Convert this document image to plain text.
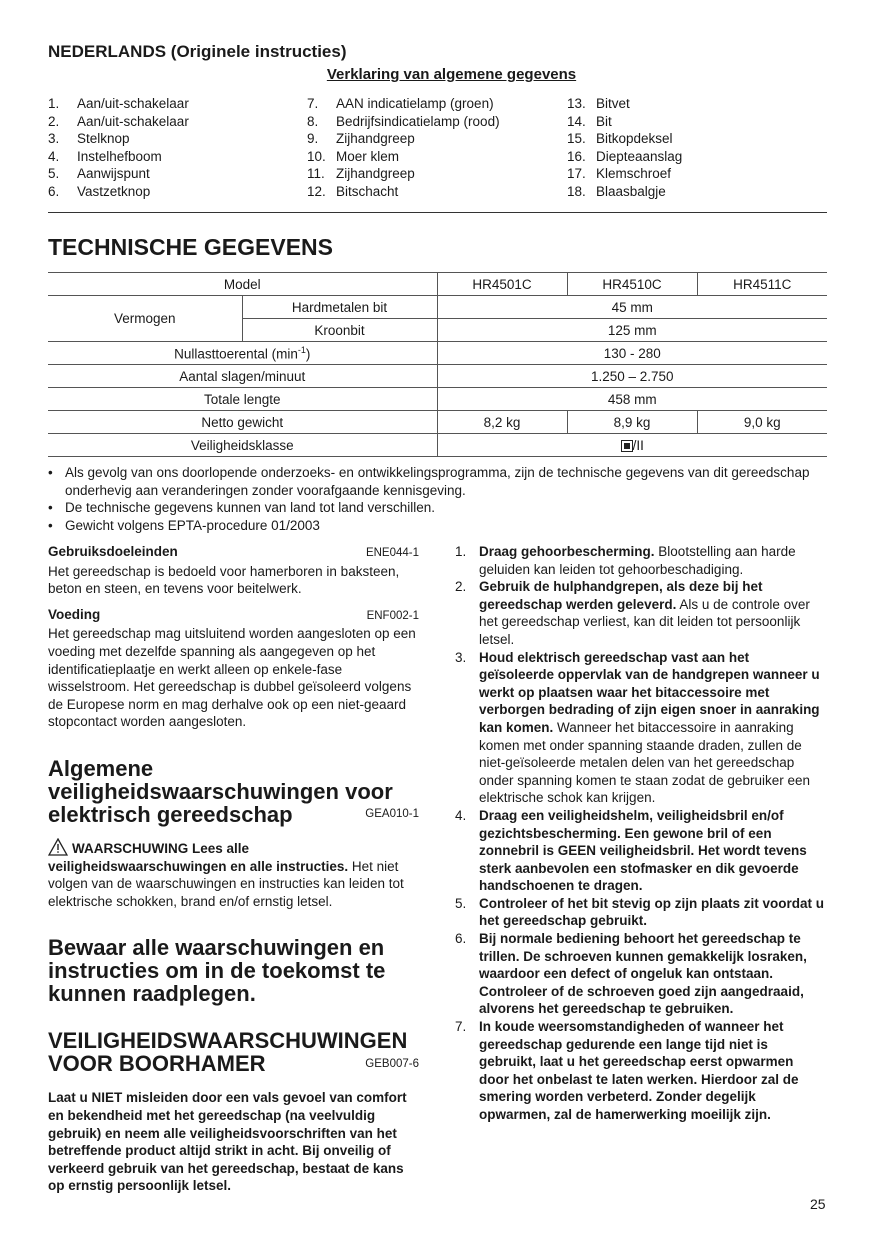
NEDERLANDS (Originele instructies)
Verklaring van algemene gegevens
1.	Aan/uit-schakelaar
2.	Aan/uit-schakelaar
3.	Stelknop
4.	Instelhefboom
5.	Aanwijspunt
6.	Vastzetknop
7.	AAN indicatielamp (groen)
8.	Bedrijfsindicatielamp (rood)
9.	Zijhandgreep
10. Moer klem
11. Zijhandgreep
12. Bitschacht
13. Bitvet
14. Bit
15. Bitkopdeksel
16. Diepteaanslag
17. Klemschroef
18. Blaasbalgje
TECHNISCHE GEGEVENS
Model		HR4501C	HR4510C	HR4511C
Vermogen	Hardmetalen bit	45 mm		
	Kroonbit	125 mm		
Nullasttoerental $(\min^{-1})$		130 - 280		
Aantal slagen/minuut		1.250 – 2.750		
Totale lengte		458 mm		
Netto gewicht		8,2 kg	8,9 kg	9,0 kg
Veiligheidsklasse		/II		
• Als gevolg van ons doorlopende onderzoeks- en ontwikkelingsprogramma, zijn de technische gegevens van dit gereedschap onderhevig aan veranderingen zonder voorafgaande kennisgeving.
• De technische gegevens kunnen van land tot land verschillen.
• Gewicht volgens EPTA-procedure 01/2003
Gebruiksdoeleinden	ENE044-1
Het gereedschap is bedoeld voor hamerboren in baksteen, beton en steen, en tevens voor beitelwerk.
Voeding	ENF002-1
Het gereedschap mag uitsluitend worden aangesloten op een voeding met dezelfde spanning als aangegeven op het identificatieplaatje en werkt alleen op enkele-fase wisselstroom. Het gereedschap is dubbel geïsoleerd volgens de Europese norm en mag derhalve ook op een niet-geaard stopcontact worden aangesloten.
Algemene veiligheidswaarschuwingen voor elektrisch gereedschap	GEA010-1
WAARSCHUWING Lees alle veiligheidswaarschuwingen en alle instructies. Het niet volgen van de waarschuwingen en instructies kan leiden tot elektrische schokken, brand en/of ernstig letsel.
Bewaar alle waarschuwingen en instructies om in de toekomst te kunnen raadplegen.
VEILIGHEIDSWAARSCHUWINGEN VOOR BOORHAMER	GEB007-6
Laat u NIET misleiden door een vals gevoel van comfort en bekendheid met het gereedschap (na veelvuldig gebruik) en neem alle veiligheidsvoorschriften van het betreffende product altijd strikt in acht. Bij onveilig of verkeerd gebruik van het gereedschap, bestaat de kans op ernstig persoonlijk letsel.
1. Draag gehoorbescherming. Blootstelling aan harde geluiden kan leiden tot gehoorbeschadiging.
2. Gebruik de hulphandgrepen, als deze bij het gereedschap werden geleverd. Als u de controle over het gereedschap verliest, kan dit leiden tot persoonlijk letsel.
3. Houd elektrisch gereedschap vast aan het geïsoleerde oppervlak van de handgrepen wanneer u werkt op plaatsen waar het bitaccessoire met verborgen bedrading of zijn eigen snoer in aanraking kan komen. Wanneer het bitaccessoire in aanraking komen met onder spanning staande draden, zullen de niet-geïsoleerde metalen delen van het gereedschap onder spanning komen te staan zodat de gebruiker een elektrische schok kan krijgen.
4. Draag een veiligheidshelm, veiligheidsbril en/of gezichtsbescherming. Een gewone bril of een zonnebril is GEEN veiligheidsbril. Het wordt tevens sterk aanbevolen een stofmasker en dik gevoerde handschoenen te dragen.
5. Controleer of het bit stevig op zijn plaats zit voordat u het gereedschap gebruikt.
6. Bij normale bediening behoort het gereedschap te trillen. De schroeven kunnen gemakkelijk losraken, waardoor een defect of ongeluk kan ontstaan. Controleer of de schroeven goed zijn aangedraaid, alvorens het gereedschap te gebruiken.
7. In koude weersomstandigheden of wanneer het gereedschap gedurende een lange tijd niet is gebruikt, laat u het gereedschap eerst opwarmen door het onbelast te laten werken. Hierdoor zal de smering worden verbeterd. Zonder degelijk opwarmen, zal de hamerwerking moeilijk zijn.
25
